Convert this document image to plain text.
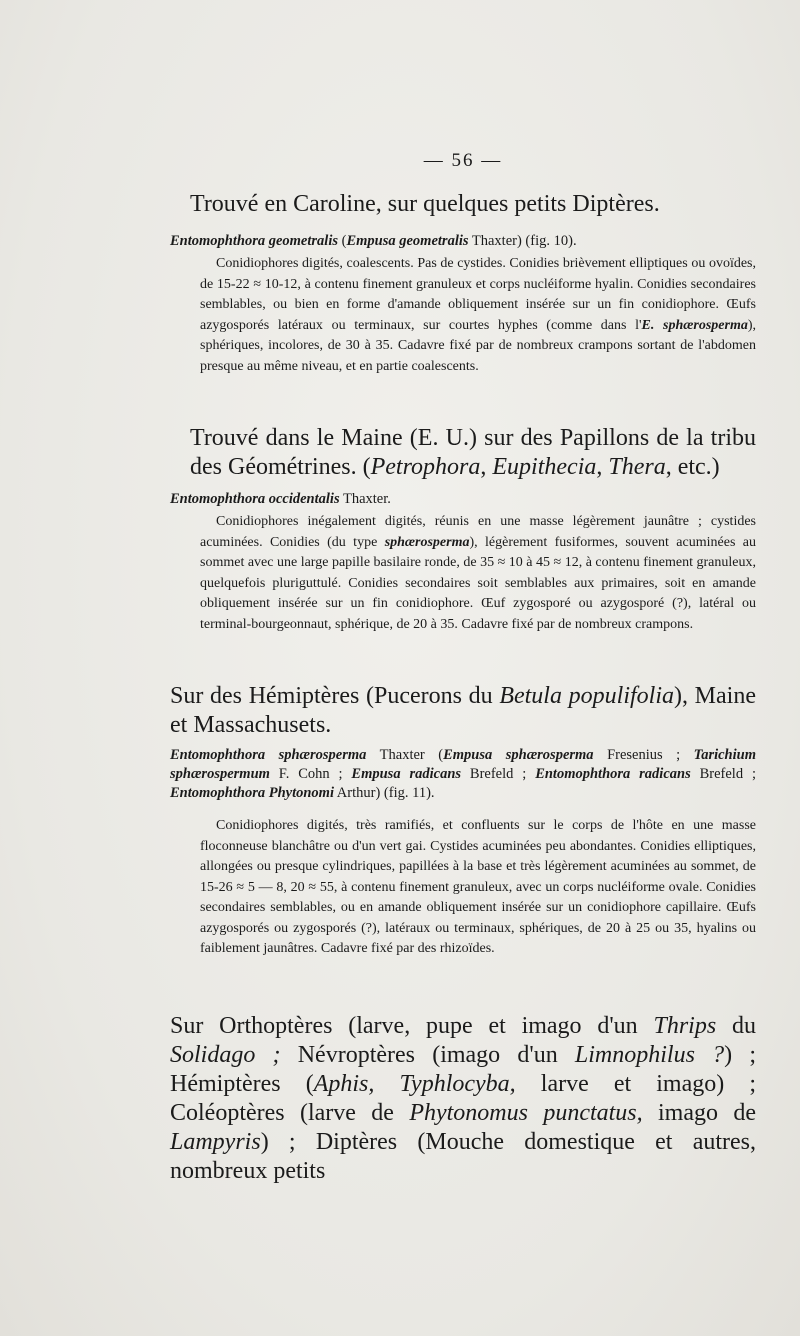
— 56 —

Trouvé en Caroline, sur quelques petits Diptères.

Entomophthora geometralis (Empusa geometralis Thaxter) (fig. 10).

Conidiophores digités, coalescents. Pas de cystides. Conidies brièvement elliptiques ou ovoïdes, de 15-22 ≈ 10-12, à contenu finement granuleux et corps nucléiforme hyalin. Conidies secondaires semblables, ou bien en forme d'amande obliquement insérée sur un fin conidiophore. Œufs azygosporés latéraux ou terminaux, sur courtes hyphes (comme dans l'E. sphærosperma), sphériques, incolores, de 30 à 35. Cadavre fixé par de nombreux crampons sortant de l'abdomen presque au même niveau, et en partie coalescents.

Trouvé dans le Maine (E. U.) sur des Papillons de la tribu des Géométrines. (Petrophora, Eupithecia, Thera, etc.)

Entomophthora occidentalis Thaxter.

Conidiophores inégalement digités, réunis en une masse légèrement jaunâtre ; cystides acuminées. Conidies (du type sphærosperma), légèrement fusiformes, souvent acuminées au sommet avec une large papille basilaire ronde, de 35 ≈ 10 à 45 ≈ 12, à contenu finement granuleux, quelquefois pluriguttulé. Conidies secondaires soit semblables aux primaires, soit en amande obliquement insérée sur un fin conidiophore. Œuf zygosporé ou azygosporé (?), latéral ou terminal-bourgeonnaut, sphérique, de 20 à 35. Cadavre fixé par de nombreux crampons.

Sur des Hémiptères (Pucerons du Betula populifolia), Maine et Massachusets.

Entomophthora sphærosperma Thaxter (Empusa sphærosperma Fresenius ; Tarichium sphærospermum F. Cohn ; Empusa radicans Brefeld ; Entomophthora radicans Brefeld ; Entomophthora Phytonomi Arthur) (fig. 11).

Conidiophores digités, très ramifiés, et confluents sur le corps de l'hôte en une masse floconneuse blanchâtre ou d'un vert gai. Cystides acuminées peu abondantes. Conidies elliptiques, allongées ou presque cylindriques, papillées à la base et très légèrement acuminées au sommet, de 15-26 ≈ 5 — 8, 20 ≈ 55, à contenu finement granuleux, avec un corps nucléiforme ovale. Conidies secondaires semblables, ou en amande obliquement insérée sur un conidiophore capillaire. Œufs azygosporés ou zygosporés (?), latéraux ou terminaux, sphériques, de 20 à 25 ou 35, hyalins ou faiblement jaunâtres. Cadavre fixé par des rhizoïdes.

Sur Orthoptères (larve, pupe et imago d'un Thrips du Solidago ; Névroptères (imago d'un Limnophilus ?) ; Hémiptères (Aphis, Typhlocyba, larve et imago) ; Coléoptères (larve de Phytonomus punctatus, imago de Lampyris) ; Diptères (Mouche domestique et autres, nombreux petits
